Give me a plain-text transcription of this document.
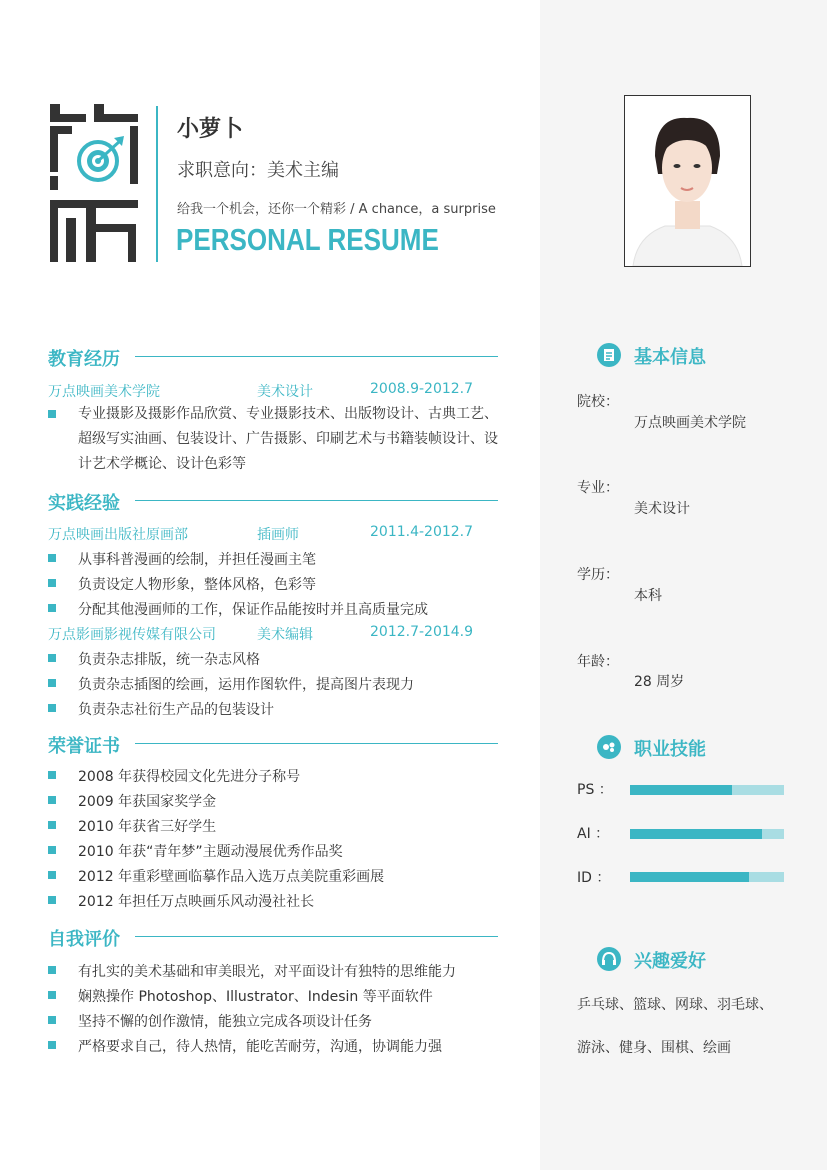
小萝卜
求职意向：美术主编
给我一个机会，还你一个精彩 / A chance，a surprise
PERSONAL RESUME
教育经历
万点映画美术学院	美术设计	2008.9-2012.7
专业摄影及摄影作品欣赏、专业摄影技术、出版物设计、古典工艺、超级写实油画、包装设计、广告摄影、印刷艺术与书籍装帧设计、设计艺术学概论、设计色彩等
实践经验
万点映画出版社原画部	插画师	2011.4-2012.7
从事科普漫画的绘制，并担任漫画主笔
负责设定人物形象，整体风格，色彩等
分配其他漫画师的工作，保证作品能按时并且高质量完成
万点影画影视传媒有限公司	美术编辑	2012.7-2014.9
负责杂志排版，统一杂志风格
负责杂志插图的绘画，运用作图软件，提高图片表现力
负责杂志社衍生产品的包装设计
荣誉证书
2008 年获得校园文化先进分子称号
2009 年获国家奖学金
2010 年获省三好学生
2010 年获“青年梦”主题动漫展优秀作品奖
2012 年重彩壁画临摹作品入选万点美院重彩画展
2012 年担任万点映画乐风动漫社社长
自我评价
有扎实的美术基础和审美眼光，对平面设计有独特的思维能力
娴熟操作 Photoshop、Illustrator、Indesin 等平面软件
坚持不懈的创作激情，能独立完成各项设计任务
严格要求自己，待人热情，能吃苦耐劳，沟通，协调能力强
基本信息
院校：
万点映画美术学院
专业：
美术设计
学历：
本科
年龄：
28 周岁
职业技能
PS ：
AI ：
ID ：
兴趣爱好
乒乓球、篮球、网球、羽毛球、
游泳、健身、围棋、绘画
